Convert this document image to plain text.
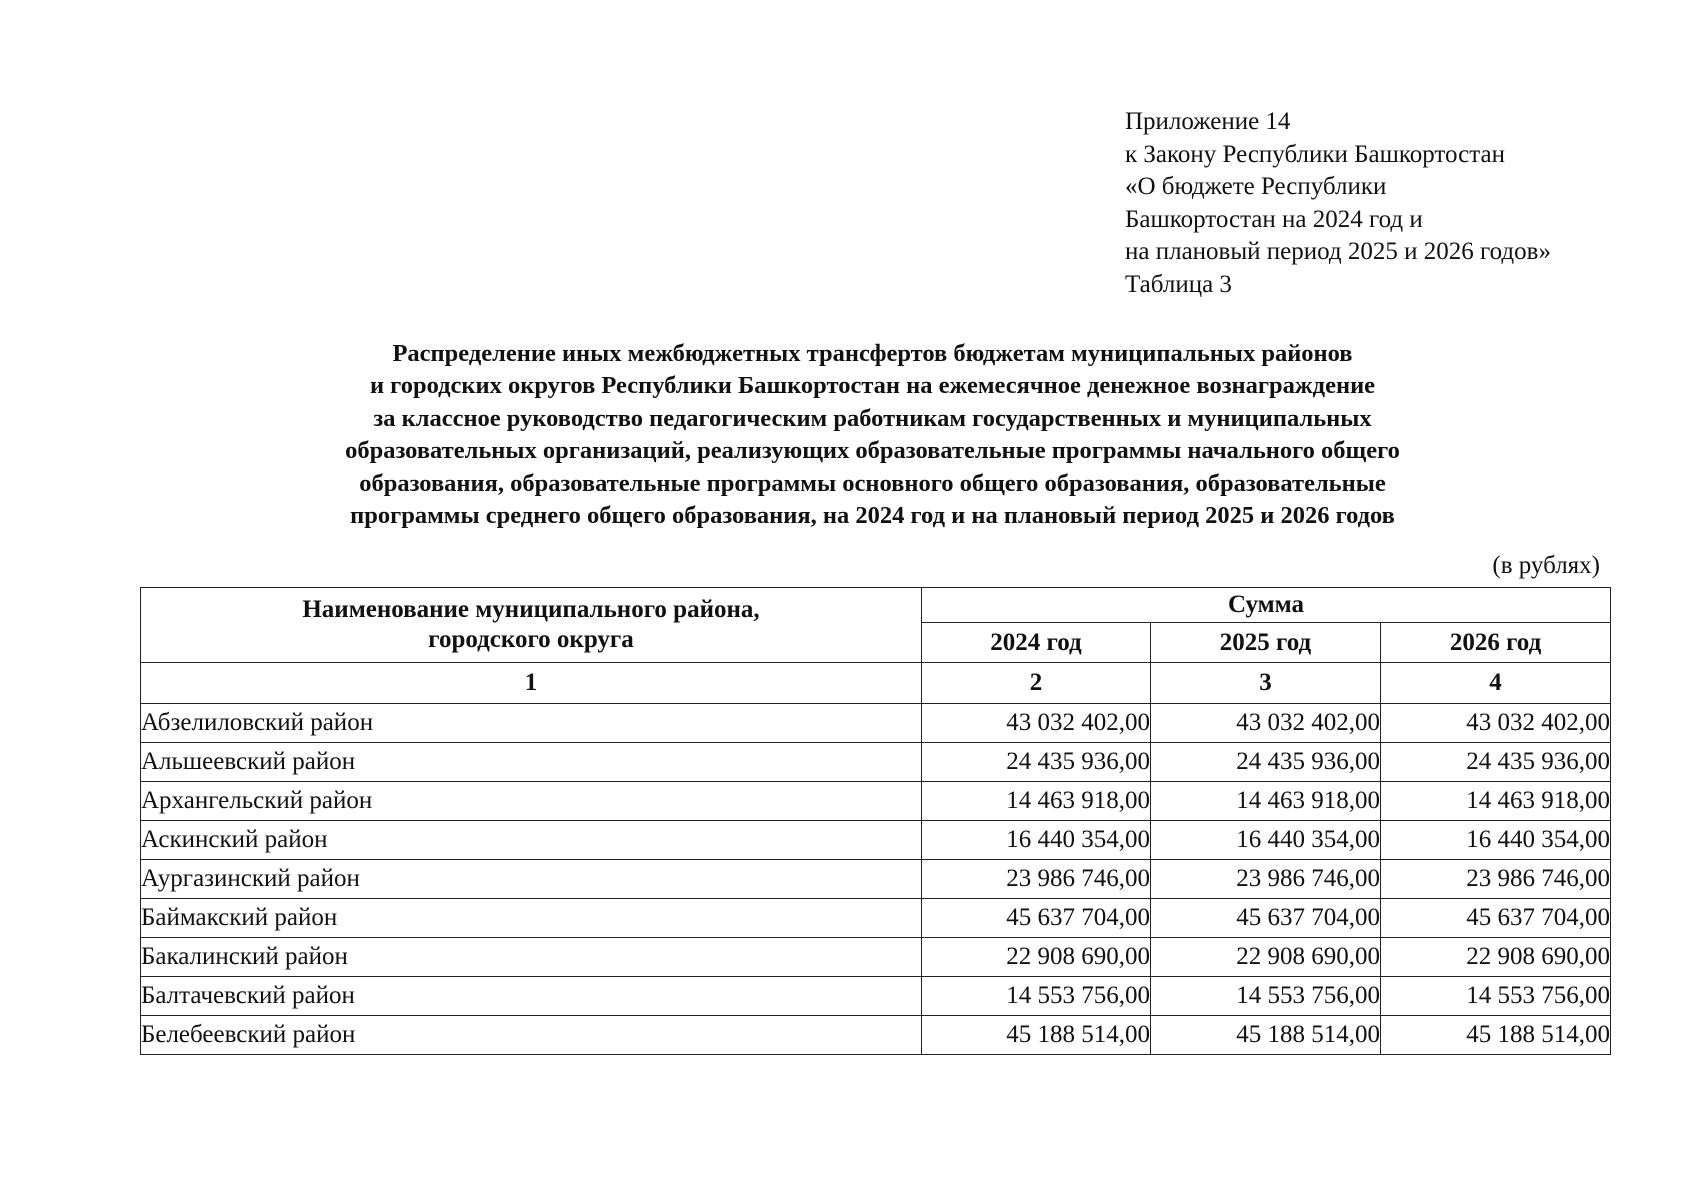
Приложение 14
к Закону Республики Башкортостан
«О бюджете Республики
Башкортостан на 2024 год и
на плановый период 2025 и 2026 годов»
Таблица 3
Распределение иных межбюджетных трансфертов бюджетам муниципальных районов
и городских округов Республики Башкортостан на ежемесячное денежное вознаграждение
за классное руководство педагогическим работникам государственных и муниципальных
образовательных организаций, реализующих образовательные программы начального общего
образования, образовательные программы основного общего образования, образовательные
программы среднего общего образования, на 2024 год и на плановый период 2025 и 2026 годов
(в рублях)
Наименование муниципального района,
городского округа	Сумма		
	2024 год	2025 год	2026 год
1	2	3	4
Абзелиловский район	43 032 402,00	43 032 402,00	43 032 402,00
Альшеевский район	24 435 936,00	24 435 936,00	24 435 936,00
Архангельский район	14 463 918,00	14 463 918,00	14 463 918,00
Аскинский район	16 440 354,00	16 440 354,00	16 440 354,00
Аургазинский район	23 986 746,00	23 986 746,00	23 986 746,00
Баймакский район	45 637 704,00	45 637 704,00	45 637 704,00
Бакалинский район	22 908 690,00	22 908 690,00	22 908 690,00
Балтачевский район	14 553 756,00	14 553 756,00	14 553 756,00
Белебеевский район	45 188 514,00	45 188 514,00	45 188 514,00
